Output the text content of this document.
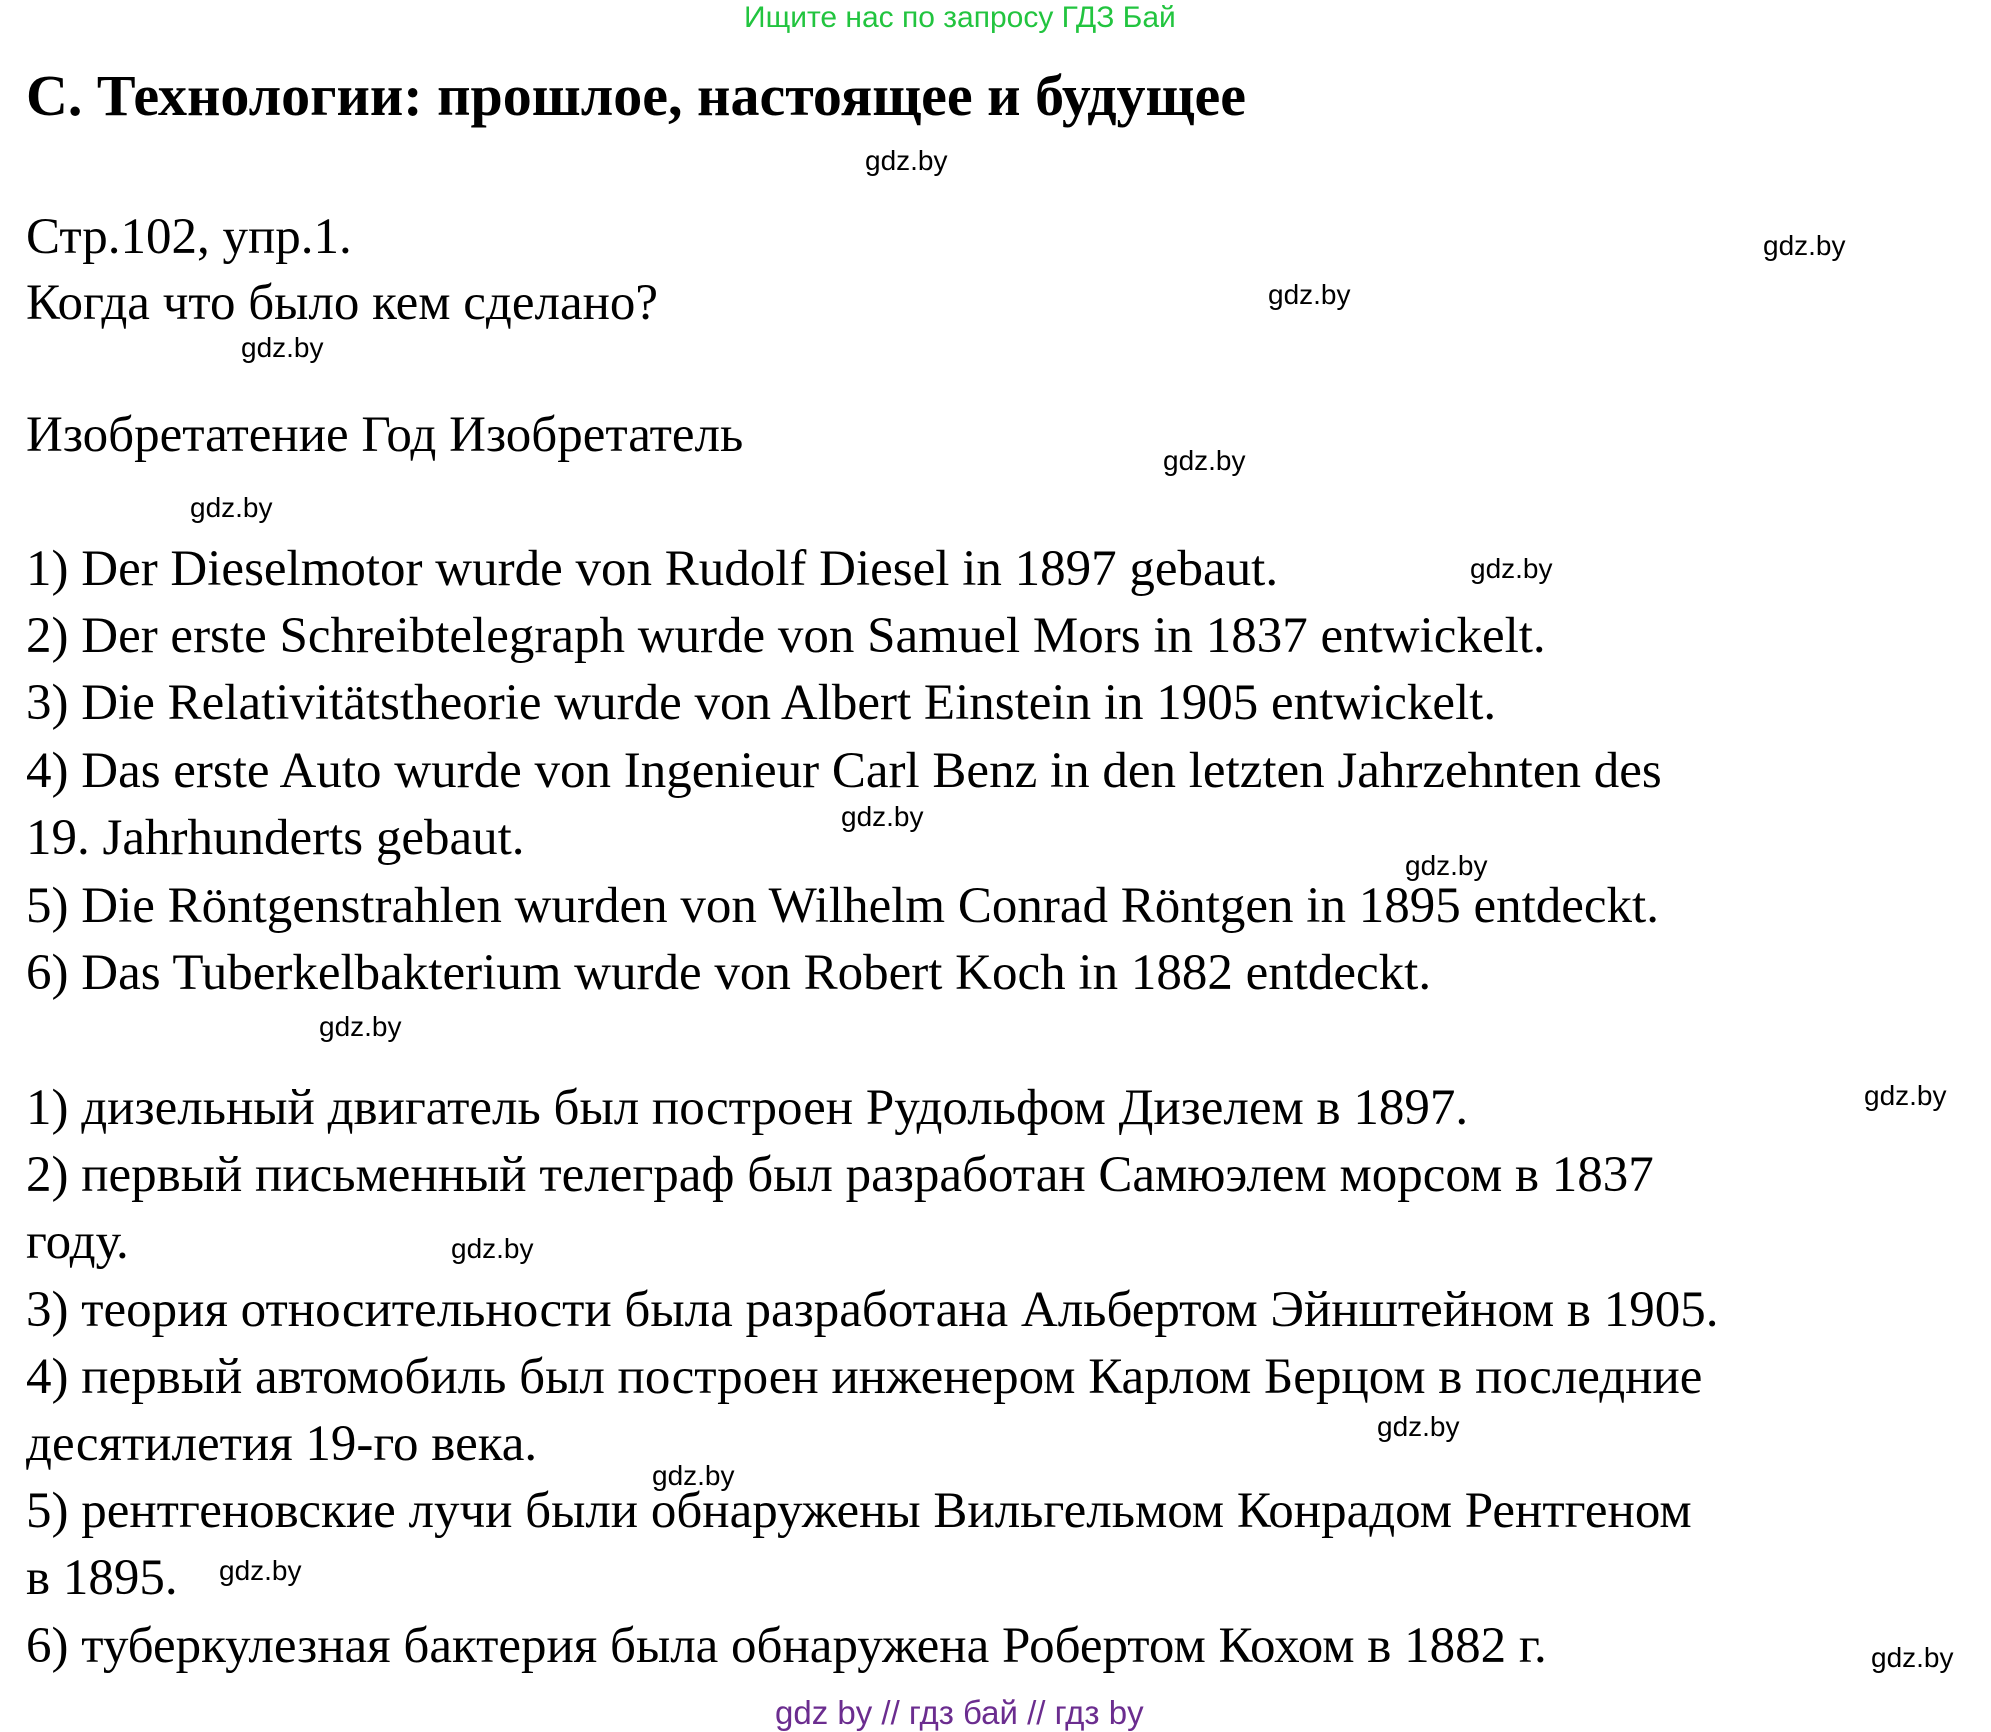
Ищите нас по запросу ГДЗ Бай
C. Технологии: прошлое, настоящее и будущее
Стр.102, упр.1.
Когда что было кем сделано?
Изобретатение Год Изобретатель
1) Der Dieselmotor wurde von Rudolf Diesel in 1897 gebaut.
2) Der erste Schreibtelegraph wurde von Samuel Mors in 1837 entwickelt.
3) Die Relativitätstheorie wurde von Albert Einstein in 1905 entwickelt.
4) Das erste Auto wurde von Ingenieur Carl Benz in den letzten Jahrzehnten des
19. Jahrhunderts gebaut.
5) Die Röntgenstrahlen wurden von Wilhelm Conrad Röntgen in 1895 entdeckt.
6) Das Tuberkelbakterium wurde von Robert Koch in 1882 entdeckt.
1) дизельный двигатель был построен Рудольфом Дизелем в 1897.
2) первый письменный телеграф был разработан Самюэлем морсом в 1837
году.
3) теория относительности была разработана Альбертом Эйнштейном в 1905.
4) первый автомобиль был построен инженером Карлом Берцом в последние
десятилетия 19-го века.
5) рентгеновские лучи были обнаружены Вильгельмом Конрадом Рентгеном
в 1895.
6) туберкулезная бактерия была обнаружена Робертом Кохом в 1882 г.
gdz.by
gdz.by
gdz.by
gdz.by
gdz.by
gdz.by
gdz.by
gdz.by
gdz.by
gdz.by
gdz.by
gdz.by
gdz.by
gdz.by
gdz.by
gdz.by
gdz by // гдз бай // гдз by
